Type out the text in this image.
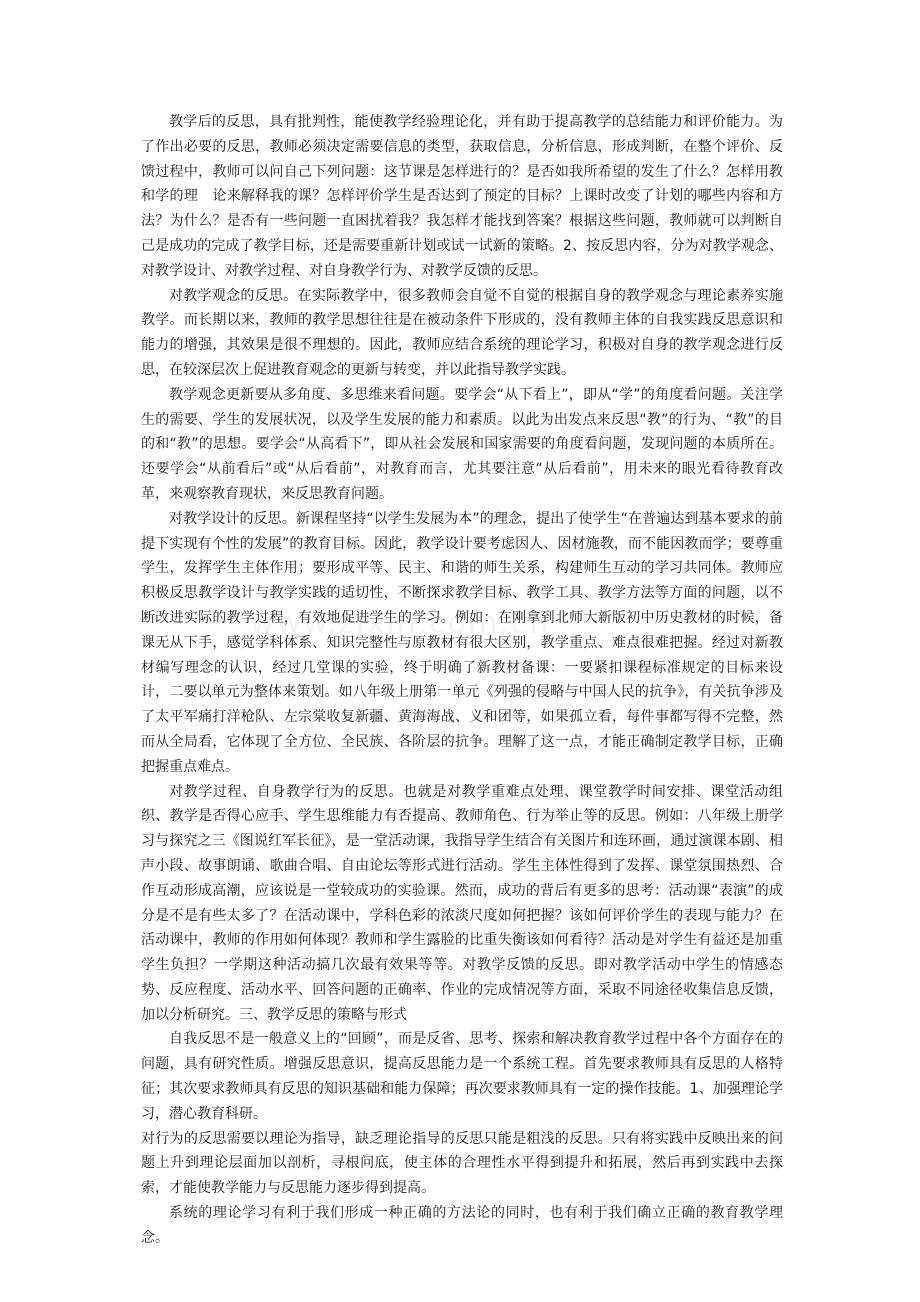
教学后的反思，具有批判性，能使教学经验理论化，并有助于提高教学的总结能力和评价能力。为了作出必要的反思，教师必须决定需要信息的类型，获取信息，分析信息，形成判断，在整个评价、反馈过程中，教师可以问自己下列问题：这节课是怎样进行的？是否如我所希望的发生了什么？怎样用教和学的理　论来解释我的课？怎样评价学生是否达到了预定的目标？上课时改变了计划的哪些内容和方法？为什么？是否有一些问题一直困扰着我？我怎样才能找到答案？根据这些问题，教师就可以判断自己是成功的完成了教学目标，还是需要重新计划或试一试新的策略。2、按反思内容，分为对教学观念、对教学设计、对教学过程、对自身教学行为、对教学反馈的反思。

对教学观念的反思。在实际教学中，很多教师会自觉不自觉的根据自身的教学观念与理论素养实施教学。而长期以来，教师的教学思想往往是在被动条件下形成的，没有教师主体的自我实践反思意识和能力的增强，其效果是很不理想的。因此，教师应结合系统的理论学习，积极对自身的教学观念进行反思，在较深层次上促进教育观念的更新与转变，并以此指导教学实践。

教学观念更新要从多角度、多思维来看问题。要学会“从下看上”，即从“学”的角度看问题。关注学生的需要、学生的发展状况，以及学生发展的能力和素质。以此为出发点来反思“教”的行为、“教”的目的和“教”的思想。要学会“从高看下”，即从社会发展和国家需要的角度看问题，发现问题的本质所在。还要学会“从前看后”或“从后看前”，对教育而言，尤其要注意“从后看前”，用未来的眼光看待教育改革，来观察教育现状，来反思教育问题。

对教学设计的反思。新课程坚持“以学生发展为本”的理念，提出了使学生“在普遍达到基本要求的前提下实现有个性的发展”的教育目标。因此，教学设计要考虑因人、因材施教，而不能因教而学；要尊重学生，发挥学生主体作用；要形成平等、民主、和谐的师生关系，构建师生互动的学习共同体。教师应积极反思教学设计与教学实践的适切性，不断探求教学目标、教学工具、教学方法等方面的问题，以不断改进实际的教学过程，有效地促进学生的学习。例如：在刚拿到北师大新版初中历史教材的时候，备课无从下手，感觉学科体系、知识完整性与原教材有很大区别，教学重点、难点很难把握。经过对新教材编写理念的认识，经过几堂课的实验，终于明确了新教材备课：一要紧扣课程标准规定的目标来设计，二要以单元为整体来策划。如八年级上册第一单元《列强的侵略与中国人民的抗争》，有关抗争涉及了太平军痛打洋枪队、左宗棠收复新疆、黄海海战、义和团等，如果孤立看，每件事都写得不完整，然而从全局看，它体现了全方位、全民族、各阶层的抗争。理解了这一点，才能正确制定教学目标，正确把握重点难点。

对教学过程、自身教学行为的反思。也就是对教学重难点处理、课堂教学时间安排、课堂活动组织、教学是否得心应手、学生思维能力有否提高、教师角色、行为举止等的反思。例如：八年级上册学习与探究之三《图说红军长征》，是一堂活动课，我指导学生结合有关图片和连环画，通过演课本剧、相声小段、故事朗诵、歌曲合唱、自由论坛等形式进行活动。学生主体性得到了发挥、课堂氛围热烈、合作互动形成高潮，应该说是一堂较成功的实验课。然而，成功的背后有更多的思考：活动课“表演”的成分是不是有些太多了？在活动课中，学科色彩的浓淡尺度如何把握？该如何评价学生的表现与能力？在活动课中，教师的作用如何体现？教师和学生露脸的比重失衡该如何看待？活动是对学生有益还是加重学生负担？一学期这种活动搞几次最有效果等等。对教学反馈的反思。即对教学活动中学生的情感态势、反应程度、活动水平、回答问题的正确率、作业的完成情况等方面，采取不同途径收集信息反馈，加以分析研究。三、教学反思的策略与形式

自我反思不是一般意义上的“回顾”，而是反省、思考、探索和解决教育教学过程中各个方面存在的问题，具有研究性质。增强反思意识，提高反思能力是一个系统工程。首先要求教师具有反思的人格特征；其次要求教师具有反思的知识基础和能力保障；再次要求教师具有一定的操作技能。1、加强理论学习，潜心教育科研。

对行为的反思需要以理论为指导，缺乏理论指导的反思只能是粗浅的反思。只有将实践中反映出来的问题上升到理论层面加以剖析，寻根问底，使主体的合理性水平得到提升和拓展，然后再到实践中去探索，才能使教学能力与反思能力逐步得到提高。

系统的理论学习有利于我们形成一种正确的方法论的同时，也有利于我们确立正确的教育教学理念。
